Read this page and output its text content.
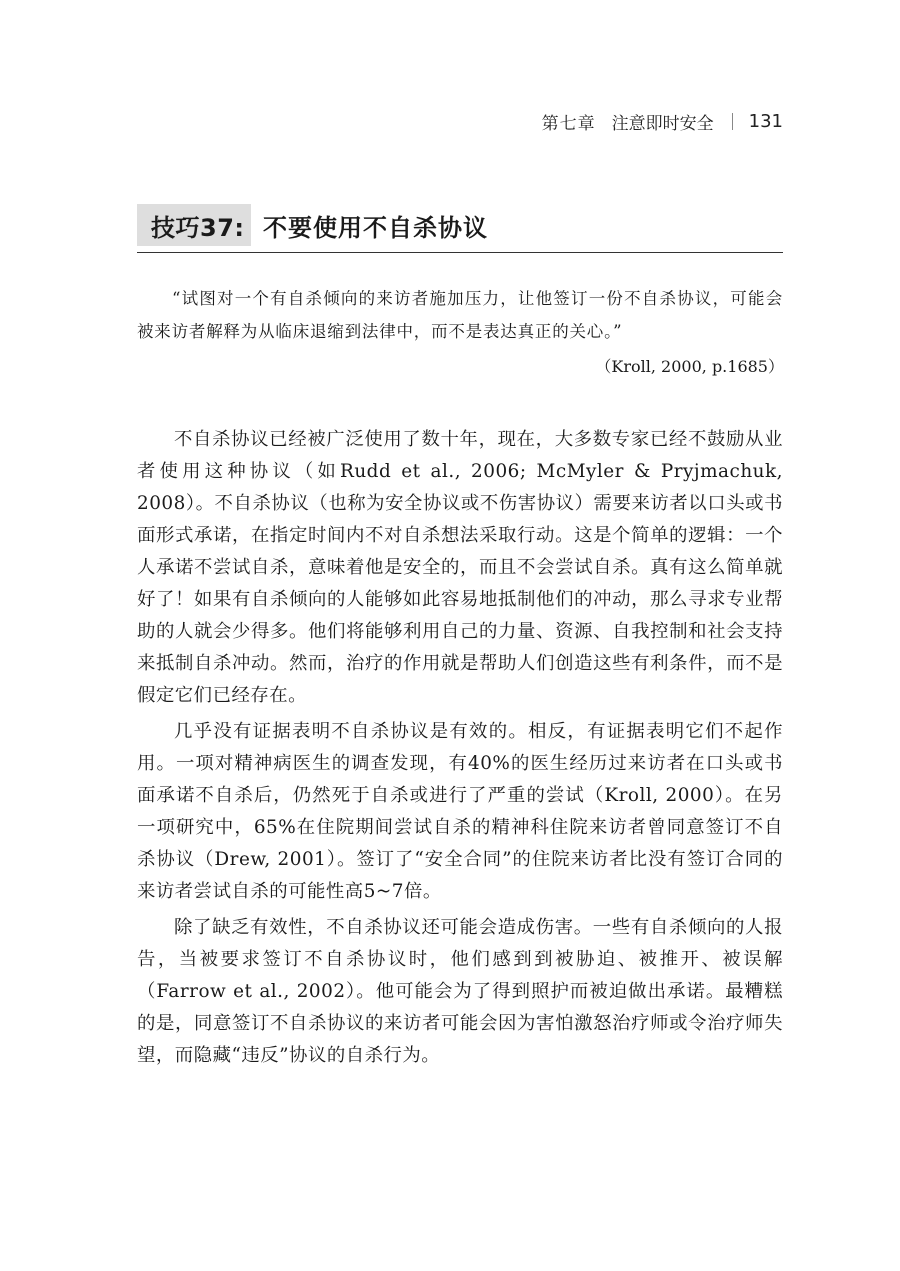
第七章 注意即时安全 131
技巧37: 不要使用不自杀协议

“试图对一个有自杀倾向的来访者施加压力，让他签订一份不自杀协议，可能会被来访者解释为从临床退缩到法律中，而不是表达真正的关心。”

（Kroll, 2000, p.1685）

不自杀协议已经被广泛使用了数十年，现在，大多数专家已经不鼓励从业者使用这种协议（如Rudd et al., 2006; McMyler & Pryjmachuk, 2008）。不自杀协议（也称为安全协议或不伤害协议）需要来访者以口头或书面形式承诺，在指定时间内不对自杀想法采取行动。这是个简单的逻辑：一个人承诺不尝试自杀，意味着他是安全的，而且不会尝试自杀。真有这么简单就好了！如果有自杀倾向的人能够如此容易地抵制他们的冲动，那么寻求专业帮助的人就会少得多。他们将能够利用自己的力量、资源、自我控制和社会支持来抵制自杀冲动。然而，治疗的作用就是帮助人们创造这些有利条件，而不是假定它们已经存在。

几乎没有证据表明不自杀协议是有效的。相反，有证据表明它们不起作用。一项对精神病医生的调查发现，有40%的医生经历过来访者在口头或书面承诺不自杀后，仍然死于自杀或进行了严重的尝试（Kroll, 2000）。在另一项研究中，65%在住院期间尝试自杀的精神科住院来访者曾同意签订不自杀协议（Drew, 2001）。签订了“安全合同”的住院来访者比没有签订合同的来访者尝试自杀的可能性高5~7倍。

除了缺乏有效性，不自杀协议还可能会造成伤害。一些有自杀倾向的人报告，当被要求签订不自杀协议时，他们感到到被胁迫、被推开、被误解（Farrow et al., 2002）。他可能会为了得到照护而被迫做出承诺。最糟糕的是，同意签订不自杀协议的来访者可能会因为害怕激怒治疗师或令治疗师失望，而隐藏“违反”协议的自杀行为。
